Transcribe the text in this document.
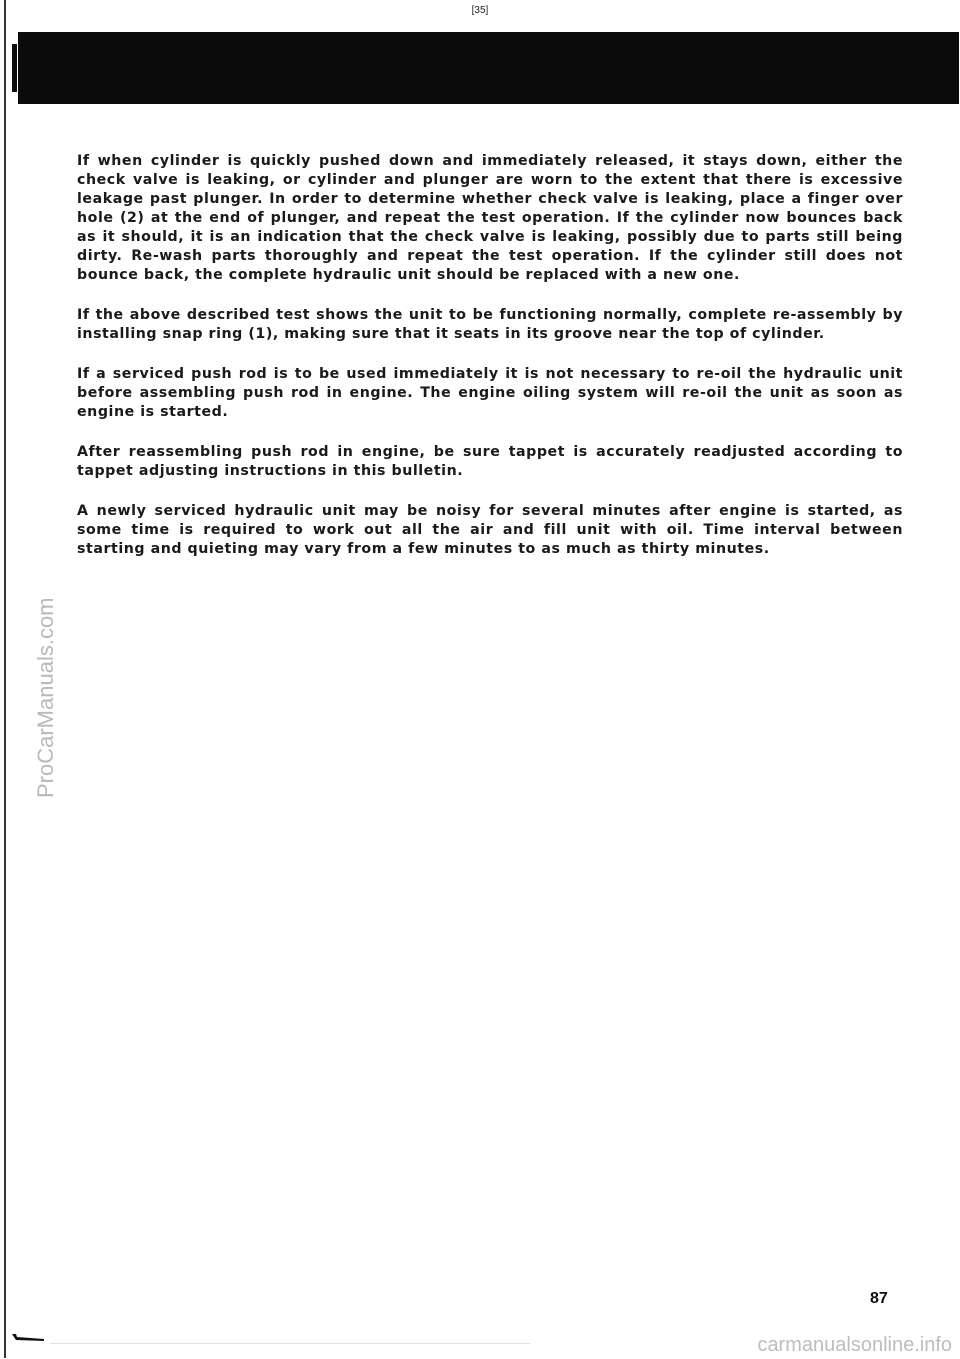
[35]

If when cylinder is quickly pushed down and immediately released, it stays down, either the check valve is leaking, or cylinder and plunger are worn to the extent that there is excessive leakage past plunger. In order to determine whether check valve is leaking, place a finger over hole (2) at the end of plunger, and repeat the test operation. If the cylinder now bounces back as it should, it is an indication that the check valve is leaking, possibly due to parts still being dirty. Re-wash parts thoroughly and repeat the test operation. If the cylinder still does not bounce back, the complete hydraulic unit should be replaced with a new one.

If the above described test shows the unit to be functioning normally, complete re-assembly by installing snap ring (1), making sure that it seats in its groove near the top of cylinder.

If a serviced push rod is to be used immediately it is not necessary to re-oil the hydraulic unit before assembling push rod in engine. The engine oiling system will re-oil the unit as soon as engine is started.

After reassembling push rod in engine, be sure tappet is accurately readjusted according to tappet adjusting instructions in this bulletin.

A newly serviced hydraulic unit may be noisy for several minutes after engine is started, as some time is required to work out all the air and fill unit with oil. Time interval between starting and quieting may vary from a few minutes to as much as thirty minutes.

ProCarManuals.com
87
carmanualsonline.info
